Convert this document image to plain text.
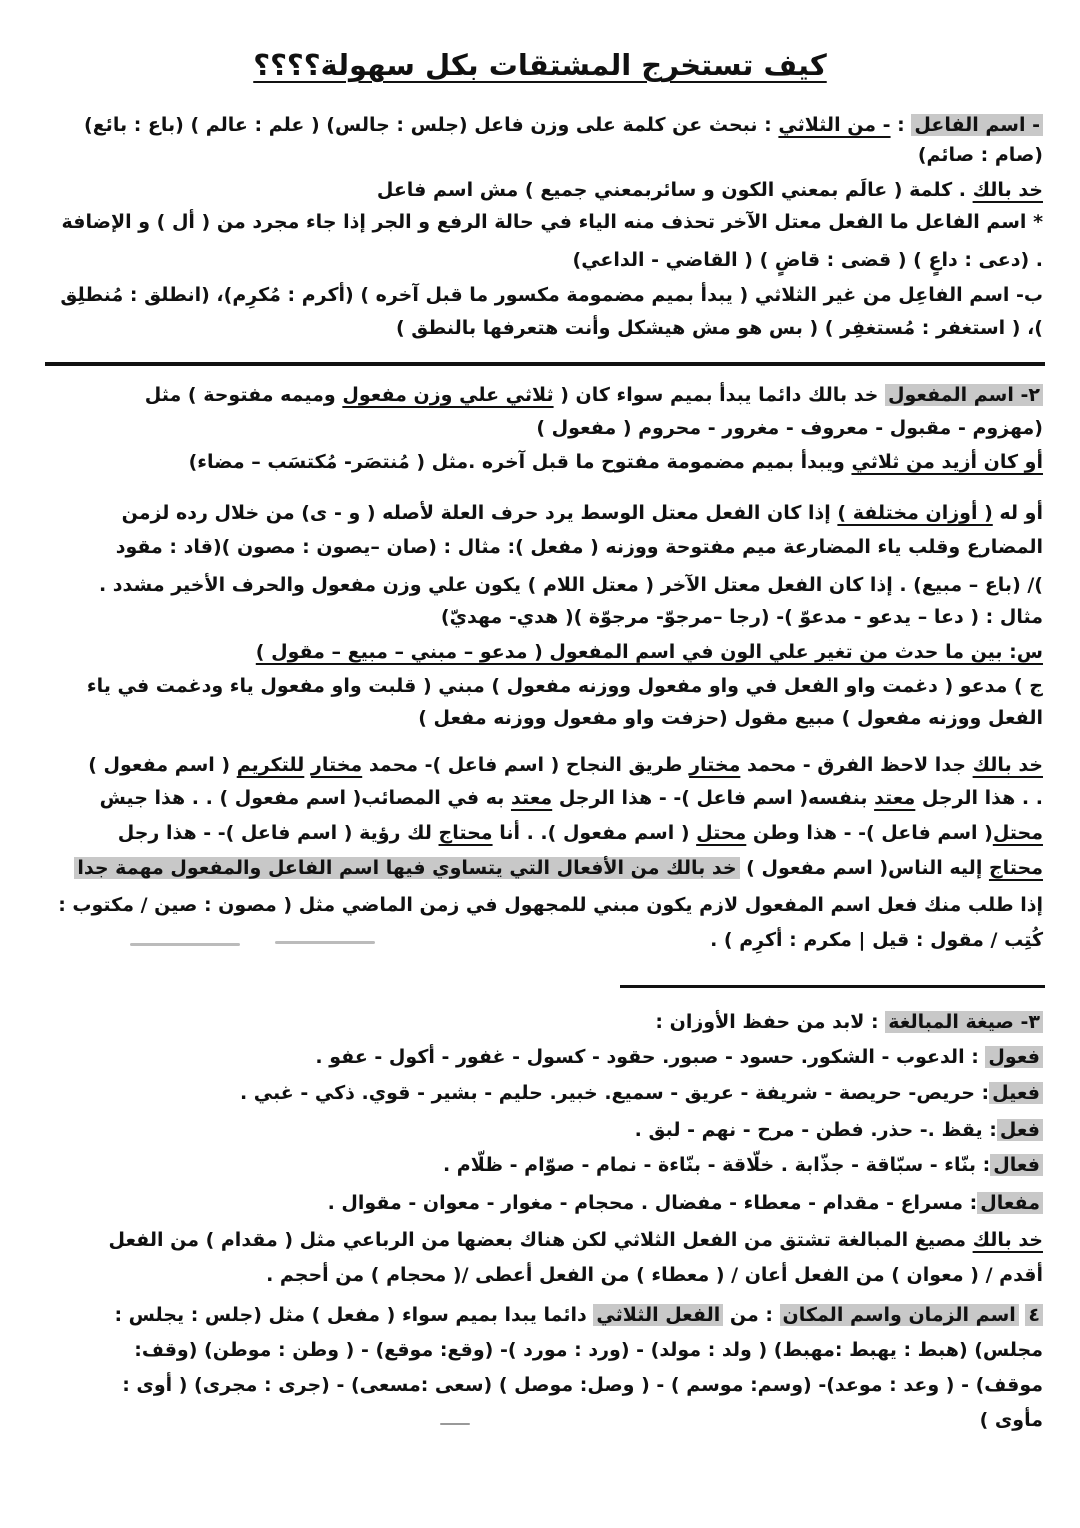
كيف تستخرج المشتقات بكل سهولة؟؟؟؟
- اسم الفاعل : - من الثلاثي : نبحث عن كلمة على وزن فاعل (جلس : جالس) ( علم : عالم ) (باع : بائع)
(صام : صائم)
خد بالك . كلمة ( عالَم بمعني الكون و سائربمعني جميع ) مش اسم فاعل
* اسم الفاعل ما الفعل معتل الآخر تحذف منه الياء في حالة الرفع و الجر إذا جاء مجرد من ( أل ) و الإضافة
. (دعى : داعٍ ) ( قضى : قاضٍ ) ( القاضي - الداعي)
ب- اسم الفاعِل من غير الثلاثي ( يبدأ بميم مضمومة مكسور ما قبل آخره ) (أكرم : مُكرِم)، (انطلق : مُنطلِق
)، ( استغفر : مُستغفِر ) ( بس هو مش هيشكل وأنت هتعرفها بالنطق )
٢- اسم المفعول خد بالك دائما يبدأ بميم سواء كان ( ثلاثي علي وزن مفعول وميمه مفتوحة ) مثل
(مهزوم - مقبول - معروف - مغرور - محروم ( مفعول )
أو كان أزيد من ثلاثي ويبدأ بميم مضمومة مفتوح ما قبل آخره .مثل ( مُنتصَر- مُكتسَب – مضاء)
أو له ( أوزان مختلفة ) إذا كان الفعل معتل الوسط يرد حرف العلة لأصله ( و - ى) من خلال رده لزمن
المضارع وقلب ياء المضارعة ميم مفتوحة ووزنه ( مفعل ): مثال : (صان –يصون : مصون )(قاد : مقود
)/ (باع – مبيع) . إذا كان الفعل معتل الآخر ( معتل اللام ) يكون علي وزن مفعول والحرف الأخير مشدد .
مثال : ( دعا – يدعو - مدعوّ )- (رجا –مرجوّ- مرجوّة )( هدي- مهديّ)
س: بين ما حدث من تغير علي الون في اسم المفعول ( مدعو – مبني – مبيع – مقول )
ج ) مدعو ( دغمت واو الفعل في واو مفعول ووزنه مفعول ) مبني ( قلبت واو مفعول ياء ودغمت في ياء
الفعل ووزنه مفعول ) مبيع مقول (حزفت واو مفعول ووزنه مفعل )
خد بالك جدا لاحظ الفرق - محمد مختار طريق النجاح ( اسم فاعل )- محمد مختار للتكريم ( اسم مفعول )
. . هذا الرجل معتد بنفسه( اسم فاعل )- - هذا الرجل معتد به في المصائب( اسم مفعول ) . . هذا جيش
محتل( اسم فاعل )- - هذا وطن محتل ( اسم مفعول ). . أنا محتاج لك رؤية ( اسم فاعل )- - هذا رجل
محتاج إليه الناس( اسم مفعول ) خد بالك من الأفعال التي يتساوي فيها اسم الفاعل والمفعول مهمة جدا
إذا طلب منك فعل اسم المفعول لازم يكون مبني للمجهول في زمن الماضي مثل ( مصون : صين / مكتوب :
كُتِب / مقول : قيل | مكرم : أكرِم ) .
٣- صيغة المبالغة : لابد من حفظ الأوزان :
فعول : الدعوب - الشكور. حسود - صبور. حقود - كسول - غفور - أكول - عفو .
فعيل: حريص- حريصة - شريفة - عريق - سميع. خبير. حليم - بشير - قوي. ذكي - غبي .
فعل: يقظ .- حذر. فطن - مرح - نهم - لبق .
فعال: بنّاء - سبّاقة - جذّابة . خلّاقة - بنّاءة - نمام - صوّام - ظلّام .
مفعال: مسراع - مقدام - معطاء - مفضال . محجام - مغوار - معوان - مقوال .
خد بالك مصيغ المبالغة تشتق من الفعل الثلاثي لكن هناك بعضها من الرباعي مثل ( مقدام ) من الفعل
أقدم / ( معوان ) من الفعل أعان / ( معطاء ) من الفعل أعطى /( محجام ) من أحجم .
٤ اسم الزمان واسم المكان : من الفعل الثلاثي دائما يبدا بميم سواء ( مفعل ) مثل (جلس : يجلس :
مجلس) (هبط : يهبط :مهبط) ( ولد : مولد) - (ورد : مورد )- (وقع: موقع) - ( وطن : موطن) (وقف:
موقف) - ( وعد : موعد)- (وسم: موسم ) - ( وصل: موصل ) (سعى :مسعى) - (جرى : مجرى) ( أوى :
مأوى )
